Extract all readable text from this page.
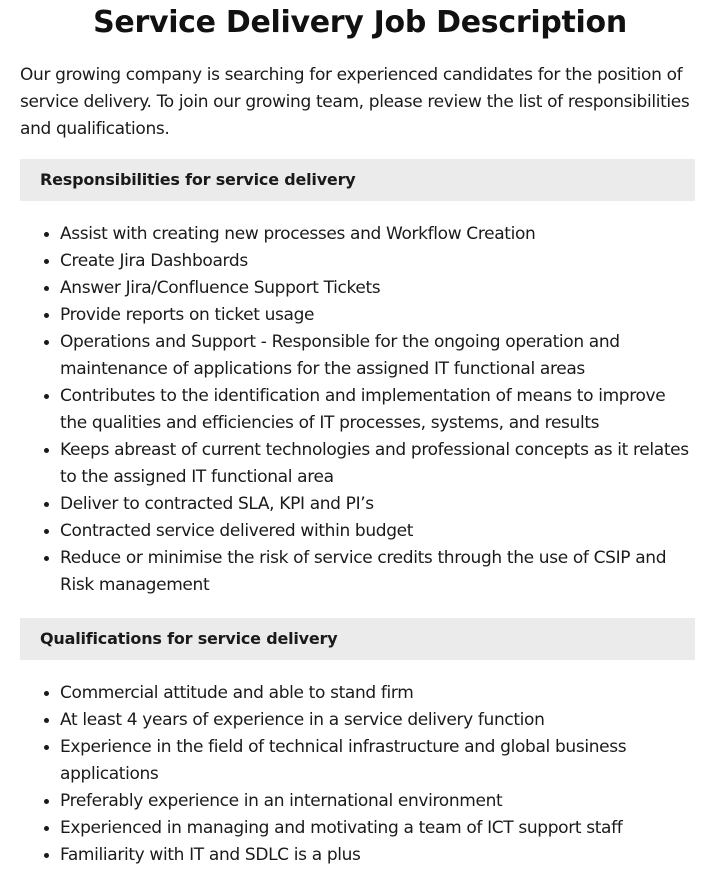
Service Delivery Job Description

Our growing company is searching for experienced candidates for the position of service delivery. To join our growing team, please review the list of responsibilities and qualifications.

Responsibilities for service delivery
• Assist with creating new processes and Workflow Creation
• Create Jira Dashboards
• Answer Jira/Confluence Support Tickets
• Provide reports on ticket usage
• Operations and Support - Responsible for the ongoing operation and maintenance of applications for the assigned IT functional areas
• Contributes to the identification and implementation of means to improve the qualities and efficiencies of IT processes, systems, and results
• Keeps abreast of current technologies and professional concepts as it relates to the assigned IT functional area
• Deliver to contracted SLA, KPI and PI’s
• Contracted service delivered within budget
• Reduce or minimise the risk of service credits through the use of CSIP and Risk management
Qualifications for service delivery
• Commercial attitude and able to stand firm
• At least 4 years of experience in a service delivery function
• Experience in the field of technical infrastructure and global business applications
• Preferably experience in an international environment
• Experienced in managing and motivating a team of ICT support staff
• Familiarity with IT and SDLC is a plus
